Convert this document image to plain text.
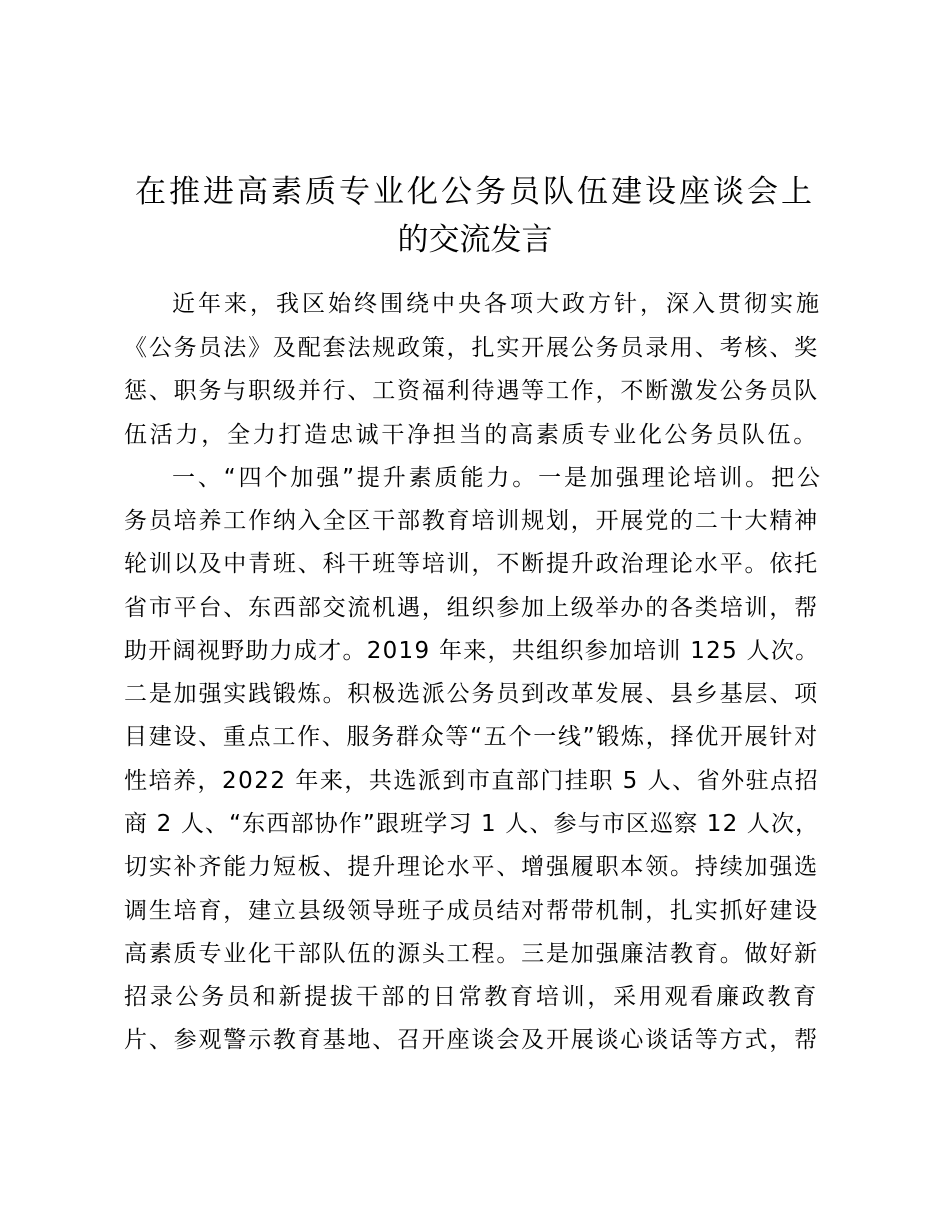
在推进高素质专业化公务员队伍建设座谈会上
的交流发言

近年来，我区始终围绕中央各项大政方针，深入贯彻实施

《公务员法》及配套法规政策，扎实开展公务员录用、考核、奖

惩、职务与职级并行、工资福利待遇等工作，不断激发公务员队

伍活力，全力打造忠诚干净担当的高素质专业化公务员队伍。

一、“四个加强”提升素质能力。一是加强理论培训。把公

务员培养工作纳入全区干部教育培训规划，开展党的二十大精神

轮训以及中青班、科干班等培训，不断提升政治理论水平。依托

省市平台、东西部交流机遇，组织参加上级举办的各类培训，帮

助开阔视野助力成才。2019 年来，共组织参加培训 125 人次。

二是加强实践锻炼。积极选派公务员到改革发展、县乡基层、项

目建设、重点工作、服务群众等“五个一线”锻炼，择优开展针对

性培养，2022 年来，共选派到市直部门挂职 5 人、省外驻点招

商 2 人、“东西部协作”跟班学习 1 人、参与市区巡察 12 人次，

切实补齐能力短板、提升理论水平、增强履职本领。持续加强选

调生培育，建立县级领导班子成员结对帮带机制，扎实抓好建设

高素质专业化干部队伍的源头工程。三是加强廉洁教育。做好新

招录公务员和新提拔干部的日常教育培训，采用观看廉政教育

片、参观警示教育基地、召开座谈会及开展谈心谈话等方式，帮
